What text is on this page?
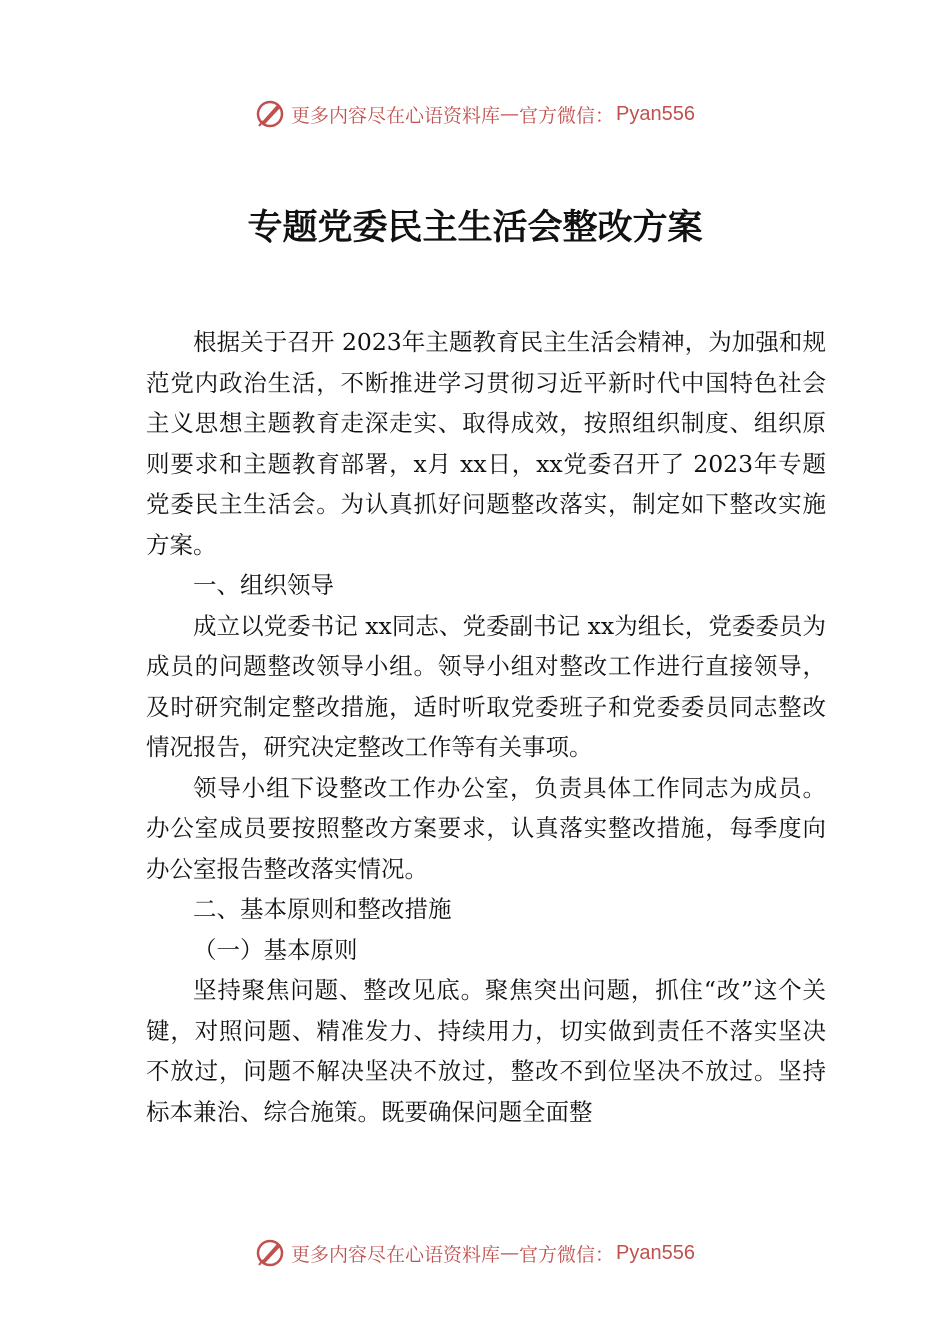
更多内容尽在心语资料库 — 官方微信： Pyan556
专题党委民主生活会整改方案

根据关于召开 2023年主题教育民主生活会精神，为加强和规范党内政治生活，不断推进学习贯彻习近平新时代中国特色社会主义思想主题教育走深走实、取得成效，按照组织制度、组织原则要求和主题教育部署，x月 xx日，xx党委召开了 2023年专题党委民主生活会。为认真抓好问题整改落实，制定如下整改实施方案。

一、组织领导

成立以党委书记 xx同志、党委副书记 xx为组长，党委委员为成员的问题整改领导小组。领导小组对整改工作进行直接领导，及时研究制定整改措施，适时听取党委班子和党委委员同志整改情况报告，研究决定整改工作等有关事项。

领导小组下设整改工作办公室，负责具体工作同志为成员。办公室成员要按照整改方案要求，认真落实整改措施，每季度向办公室报告整改落实情况。

二、基本原则和整改措施

（一）基本原则

坚持聚焦问题、整改见底。聚焦突出问题，抓住“改”这个关键，对照问题、精准发力、持续用力，切实做到责任不落实坚决不放过，问题不解决坚决不放过，整改不到位坚决不放过。坚持标本兼治、综合施策。既要确保问题全面整

更多内容尽在心语资料库 — 官方微信： Pyan556
